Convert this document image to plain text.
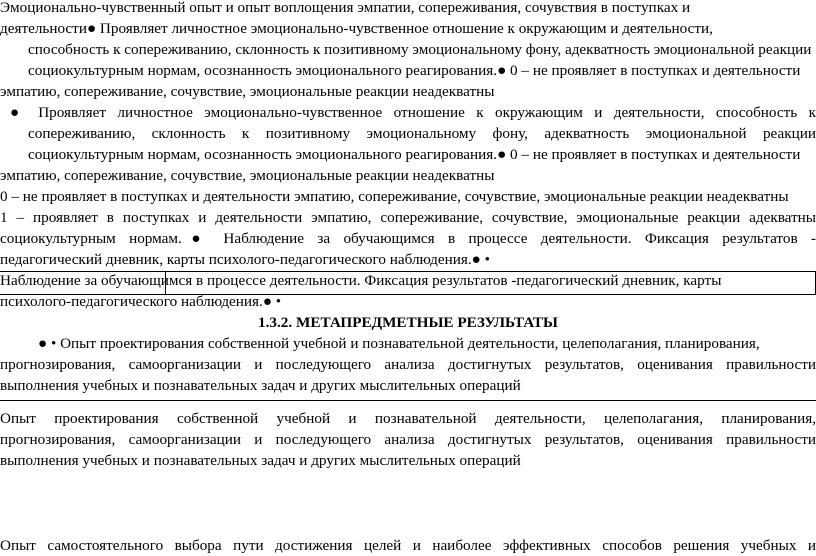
Эмоционально-чувственный опыт и опыт воплощения эмпатии, сопереживания, сочувствия в поступках и
деятельности● Проявляет личностное эмоционально-чувственное отношение к окружающим и деятельности,
способность к сопереживанию, склонность к позитивному эмоциональному фону, адекватность эмоциональной реакции
социокультурным нормам, осознанность эмоционального реагирования.● 0 – не проявляет в поступках и деятельности
эмпатию, сопереживание, сочувствие, эмоциональные реакции неадекватны
● Проявляет личностное эмоционально-чувственное отношение к окружающим и деятельности, способность к
сопереживанию, склонность к позитивному эмоциональному фону, адекватность эмоциональной реакции
социокультурным нормам, осознанность эмоционального реагирования.● 0 – не проявляет в поступках и деятельности
эмпатию, сопереживание, сочувствие, эмоциональные реакции неадекватны
0 – не проявляет в поступках и деятельности эмпатию, сопереживание, сочувствие, эмоциональные реакции неадекватны
1 – проявляет в поступках и деятельности эмпатию, сопереживание, сочувствие, эмоциональные реакции адекватны
социокультурным нормам.● Наблюдение за обучающимся в процессе деятельности. Фиксация результатов -
педагогический дневник, карты психолого-педагогического наблюдения.● •
Наблюдение за обучающимся в процессе деятельности. Фиксация результатов -педагогический дневник, карты
психолого-педагогического наблюдения.● •
1.3.2. МЕТАПРЕДМЕТНЫЕ РЕЗУЛЬТАТЫ
● • Опыт проектирования собственной учебной и познавательной деятельности, целеполагания, планирования,
прогнозирования, самоорганизации и последующего анализа достигнутых результатов, оценивания правильности
выполнения учебных и познавательных задач и других мыслительных операций
Опыт проектирования собственной учебной и познавательной деятельности, целеполагания, планирования,
прогнозирования, самоорганизации и последующего анализа достигнутых результатов, оценивания правильности
выполнения учебных и познавательных задач и других мыслительных операций
Опыт самостоятельного выбора пути достижения целей и наиболее эффективных способов решения учебных и
